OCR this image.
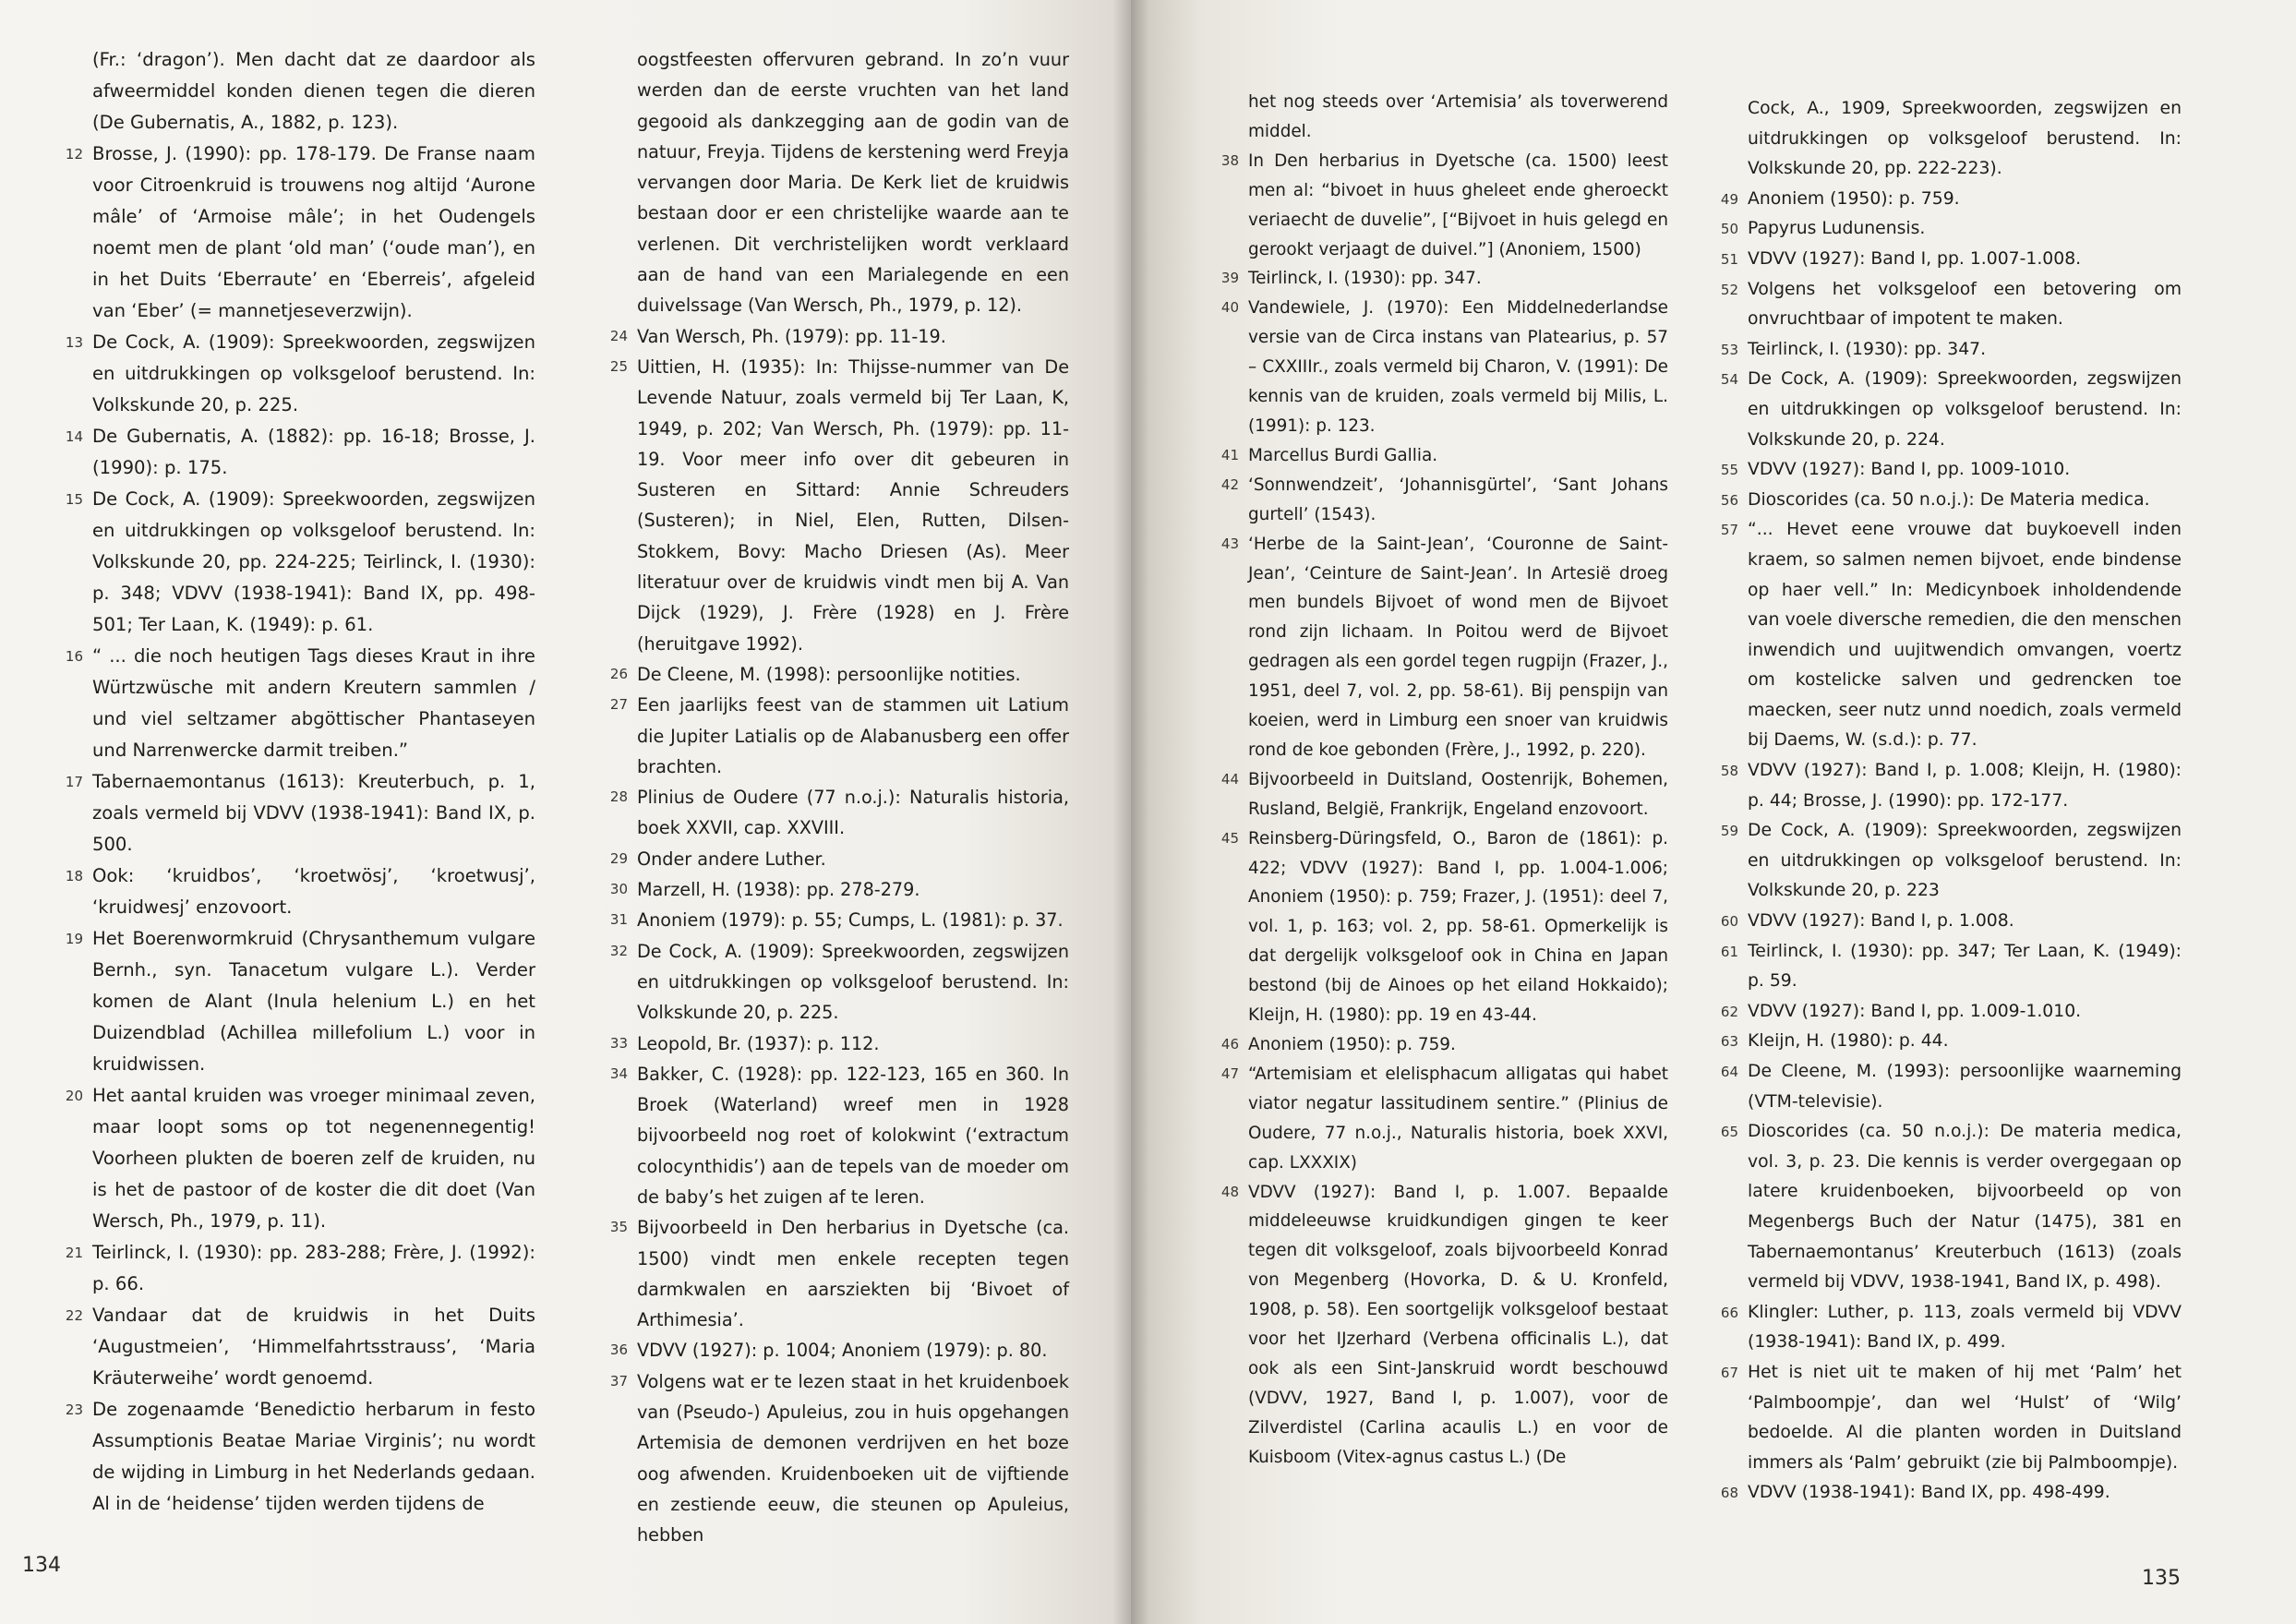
(Fr.: ‘dragon’). Men dacht dat ze daardoor als afweermiddel konden dienen tegen die dieren (De Gubernatis, A., 1882, p. 123).
12 Brosse, J. (1990): pp. 178-179. De Franse naam voor Citroenkruid is trouwens nog altijd ‘Aurone mâle’ of ‘Armoise mâle’; in het Oudengels noemt men de plant ‘old man’ (‘oude man’), en in het Duits ‘Eberraute’ en ‘Eberreis’, afgeleid van ‘Eber’ (= mannetjeseverzwijn).
13 De Cock, A. (1909): Spreekwoorden, zegswijzen en uitdrukkingen op volksgeloof berustend. In: Volkskunde 20, p. 225.
14 De Gubernatis, A. (1882): pp. 16-18; Brosse, J. (1990): p. 175.
15 De Cock, A. (1909): Spreekwoorden, zegswijzen en uitdrukkingen op volksgeloof berustend. In: Volkskunde 20, pp. 224-225; Teirlinck, I. (1930): p. 348; VDVV (1938-1941): Band IX, pp. 498-501; Ter Laan, K. (1949): p. 61.
16 “ ... die noch heutigen Tags dieses Kraut in ihre Würtzwüsche mit andern Kreutern sammlen / und viel seltzamer abgöttischer Phantaseyen und Narrenwercke darmit treiben.”
17 Tabernaemontanus (1613): Kreuterbuch, p. 1, zoals vermeld bij VDVV (1938-1941): Band IX, p. 500.
18 Ook: ‘kruidbos’, ‘kroetwösj’, ‘kroetwusj’, ‘kruidwesj’ enzovoort.
19 Het Boerenwormkruid (Chrysanthemum vulgare Bernh., syn. Tanacetum vulgare L.). Verder komen de Alant (Inula helenium L.) en het Duizendblad (Achillea millefolium L.) voor in kruidwissen.
20 Het aantal kruiden was vroeger minimaal zeven, maar loopt soms op tot negenennegentig! Voorheen plukten de boeren zelf de kruiden, nu is het de pastoor of de koster die dit doet (Van Wersch, Ph., 1979, p. 11).
21 Teirlinck, I. (1930): pp. 283-288; Frère, J. (1992): p. 66.
22 Vandaar dat de kruidwis in het Duits ‘Augustmeien’, ‘Himmelfahrtsstrauss’, ‘Maria Kräuterweihe’ wordt genoemd.
23 De zogenaamde ‘Benedictio herbarum in festo Assumptionis Beatae Mariae Virginis’; nu wordt de wijding in Limburg in het Nederlands gedaan. Al in de ‘heidense’ tijden werden tijdens de
oogstfeesten offervuren gebrand. In zo’n vuur werden dan de eerste vruchten van het land gegooid als dankzegging aan de godin van de natuur, Freyja. Tijdens de kerstening werd Freyja vervangen door Maria. De Kerk liet de kruidwis bestaan door er een christelijke waarde aan te verlenen. Dit verchristelijken wordt verklaard aan de hand van een Marialegende en een duivelssage (Van Wersch, Ph., 1979, p. 12).
24 Van Wersch, Ph. (1979): pp. 11-19.
25 Uittien, H. (1935): In: Thijsse-nummer van De Levende Natuur, zoals vermeld bij Ter Laan, K, 1949, p. 202; Van Wersch, Ph. (1979): pp. 11-19. Voor meer info over dit gebeuren in Susteren en Sittard: Annie Schreuders (Susteren); in Niel, Elen, Rutten, Dilsen-Stokkem, Bovy: Macho Driesen (As). Meer literatuur over de kruidwis vindt men bij A. Van Dijck (1929), J. Frère (1928) en J. Frère (heruitgave 1992).
26 De Cleene, M. (1998): persoonlijke notities.
27 Een jaarlijks feest van de stammen uit Latium die Jupiter Latialis op de Alabanusberg een offer brachten.
28 Plinius de Oudere (77 n.o.j.): Naturalis historia, boek XXVII, cap. XXVIII.
29 Onder andere Luther.
30 Marzell, H. (1938): pp. 278-279.
31 Anoniem (1979): p. 55; Cumps, L. (1981): p. 37.
32 De Cock, A. (1909): Spreekwoorden, zegswijzen en uitdrukkingen op volksgeloof berustend. In: Volkskunde 20, p. 225.
33 Leopold, Br. (1937): p. 112.
34 Bakker, C. (1928): pp. 122-123, 165 en 360. In Broek (Waterland) wreef men in 1928 bijvoorbeeld nog roet of kolokwint (‘extractum colocynthidis’) aan de tepels van de moeder om de baby’s het zuigen af te leren.
35 Bijvoorbeeld in Den herbarius in Dyetsche (ca. 1500) vindt men enkele recepten tegen darmkwalen en aarsziekten bij ‘Bivoet of Arthimesia’.
36 VDVV (1927): p. 1004; Anoniem (1979): p. 80.
37 Volgens wat er te lezen staat in het kruidenboek van (Pseudo-) Apuleius, zou in huis opgehangen Artemisia de demonen verdrijven en het boze oog afwenden. Kruidenboeken uit de vijftiende en zestiende eeuw, die steunen op Apuleius, hebben
het nog steeds over ‘Artemisia’ als toverwerend middel.
38 In Den herbarius in Dyetsche (ca. 1500) leest men al: “bivoet in huus gheleet ende gheroeckt veriaecht de duvelie”, [“Bijvoet in huis gelegd en gerookt verjaagt de duivel.”] (Anoniem, 1500)
39 Teirlinck, I. (1930): pp. 347.
40 Vandewiele, J. (1970): Een Middelnederlandse versie van de Circa instans van Platearius, p. 57 – CXXIIIr., zoals vermeld bij Charon, V. (1991): De kennis van de kruiden, zoals vermeld bij Milis, L. (1991): p. 123.
41 Marcellus Burdi Gallia.
42 ‘Sonnwendzeit’, ‘Johannisgürtel’, ‘Sant Johans gurtell’ (1543).
43 ‘Herbe de la Saint-Jean’, ‘Couronne de Saint-Jean’, ‘Ceinture de Saint-Jean’. In Artesië droeg men bundels Bijvoet of wond men de Bijvoet rond zijn lichaam. In Poitou werd de Bijvoet gedragen als een gordel tegen rugpijn (Frazer, J., 1951, deel 7, vol. 2, pp. 58-61). Bij penspijn van koeien, werd in Limburg een snoer van kruidwis rond de koe gebonden (Frère, J., 1992, p. 220).
44 Bijvoorbeeld in Duitsland, Oostenrijk, Bohemen, Rusland, België, Frankrijk, Engeland enzovoort.
45 Reinsberg-Düringsfeld, O., Baron de (1861): p. 422; VDVV (1927): Band I, pp. 1.004-1.006; Anoniem (1950): p. 759; Frazer, J. (1951): deel 7, vol. 1, p. 163; vol. 2, pp. 58-61. Opmerkelijk is dat dergelijk volksgeloof ook in China en Japan bestond (bij de Ainoes op het eiland Hokkaido); Kleijn, H. (1980): pp. 19 en 43-44.
46 Anoniem (1950): p. 759.
47 “Artemisiam et elelisphacum alligatas qui habet viator negatur lassitudinem sentire.” (Plinius de Oudere, 77 n.o.j., Naturalis historia, boek XXVI, cap. LXXXIX)
48 VDVV (1927): Band I, p. 1.007. Bepaalde middeleeuwse kruidkundigen gingen te keer tegen dit volksgeloof, zoals bijvoorbeeld Konrad von Megenberg (Hovorka, D. & U. Kronfeld, 1908, p. 58). Een soortgelijk volksgeloof bestaat voor het IJzerhard (Verbena officinalis L.), dat ook als een Sint-Janskruid wordt beschouwd (VDVV, 1927, Band I, p. 1.007), voor de Zilverdistel (Carlina acaulis L.) en voor de Kuisboom (Vitex-agnus castus L.) (De
Cock, A., 1909, Spreekwoorden, zegswijzen en uitdrukkingen op volksgeloof berustend. In: Volkskunde 20, pp. 222-223).
49 Anoniem (1950): p. 759.
50 Papyrus Ludunensis.
51 VDVV (1927): Band I, pp. 1.007-1.008.
52 Volgens het volksgeloof een betovering om onvruchtbaar of impotent te maken.
53 Teirlinck, I. (1930): pp. 347.
54 De Cock, A. (1909): Spreekwoorden, zegswijzen en uitdrukkingen op volksgeloof berustend. In: Volkskunde 20, p. 224.
55 VDVV (1927): Band I, pp. 1009-1010.
56 Dioscorides (ca. 50 n.o.j.): De Materia medica.
57 “... Hevet eene vrouwe dat buykoevell inden kraem, so salmen nemen bijvoet, ende bindense op haer vell.” In: Medicynboek inholdendende van voele diversche remedien, die den menschen inwendich und uujitwendich omvangen, voertz om kostelicke salven und gedrencken toe maecken, seer nutz unnd noedich, zoals vermeld bij Daems, W. (s.d.): p. 77.
58 VDVV (1927): Band I, p. 1.008; Kleijn, H. (1980): p. 44; Brosse, J. (1990): pp. 172-177.
59 De Cock, A. (1909): Spreekwoorden, zegswijzen en uitdrukkingen op volksgeloof berustend. In: Volkskunde 20, p. 223
60 VDVV (1927): Band I, p. 1.008.
61 Teirlinck, I. (1930): pp. 347; Ter Laan, K. (1949): p. 59.
62 VDVV (1927): Band I, pp. 1.009-1.010.
63 Kleijn, H. (1980): p. 44.
64 De Cleene, M. (1993): persoonlijke waarneming (VTM-televisie).
65 Dioscorides (ca. 50 n.o.j.): De materia medica, vol. 3, p. 23. Die kennis is verder overgegaan op latere kruidenboeken, bijvoorbeeld op von Megenbergs Buch der Natur (1475), 381 en Tabernaemontanus’ Kreuterbuch (1613) (zoals vermeld bij VDVV, 1938-1941, Band IX, p. 498).
66 Klingler: Luther, p. 113, zoals vermeld bij VDVV (1938-1941): Band IX, p. 499.
67 Het is niet uit te maken of hij met ‘Palm’ het ‘Palmboompje’, dan wel ‘Hulst’ of ‘Wilg’ bedoelde. Al die planten worden in Duitsland immers als ‘Palm’ gebruikt (zie bij Palmboompje).
68 VDVV (1938-1941): Band IX, pp. 498-499.
134
135
